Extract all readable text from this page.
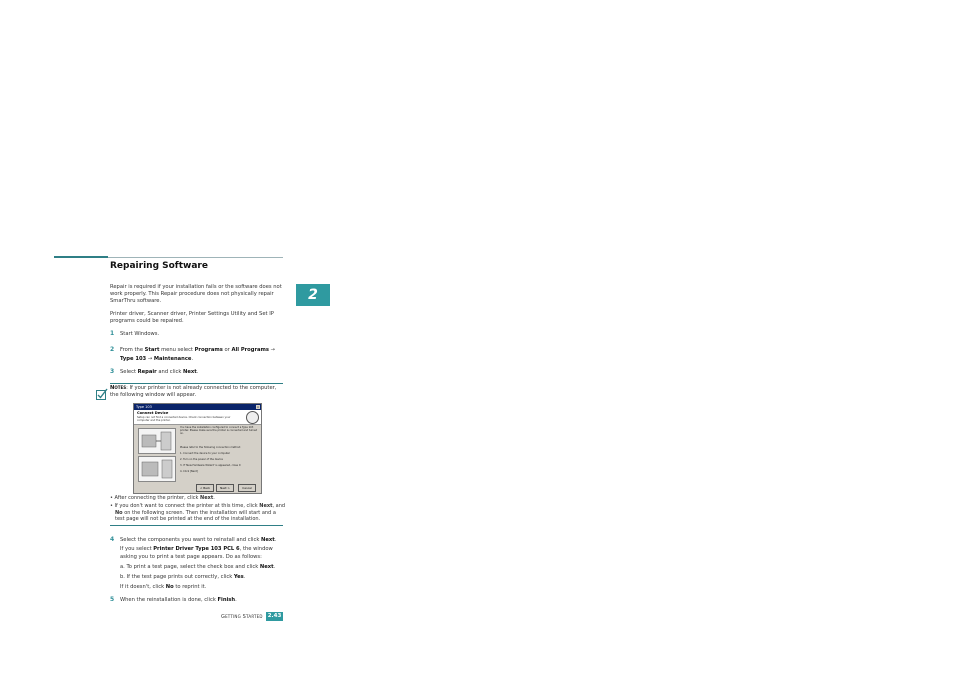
Repairing Software
2
Repair is required if your installation fails or the software does not work properly. This Repair procedure does not physically repair SmarThru software.
Printer driver, Scanner driver, Printer Settings Utility and Set IP programs could be repaired.
1 Start Windows.
2 From the Start menu select Programs or All Programs →
Type 103 → Maintenance.
3 Select Repair and click Next.
Notes: If your printer is not already connected to the computer, the following window will appear.
Type 103	×
Connect Device
Setup can not find a connected device. Check connection between your computer and the printer.
You have the installation configured to connect a Type 103 printer. Please make sure the printer is connected and turned on.
Please refer to the following connection method:
1. Connect the device to your computer
2. Turn on the power of the device
3. If 'New Hardware Wizard' is appeared, close it
4. Click [Next]
< Back	Next >	Cancel
• After connecting the printer, click Next.
• If you don't want to connect the printer at this time, click Next, and No on the following screen. Then the installation will start and a test page will not be printed at the end of the installation.
4 Select the components you want to reinstall and click Next.
If you select Printer Driver Type 103 PCL 6, the window asking you to print a test page appears. Do as follows:
a. To print a test page, select the check box and click Next.
b. If the test page prints out correctly, click Yes.
If it doesn't, click No to reprint it.
5 When the reinstallation is done, click Finish.
Getting Started 2.43
